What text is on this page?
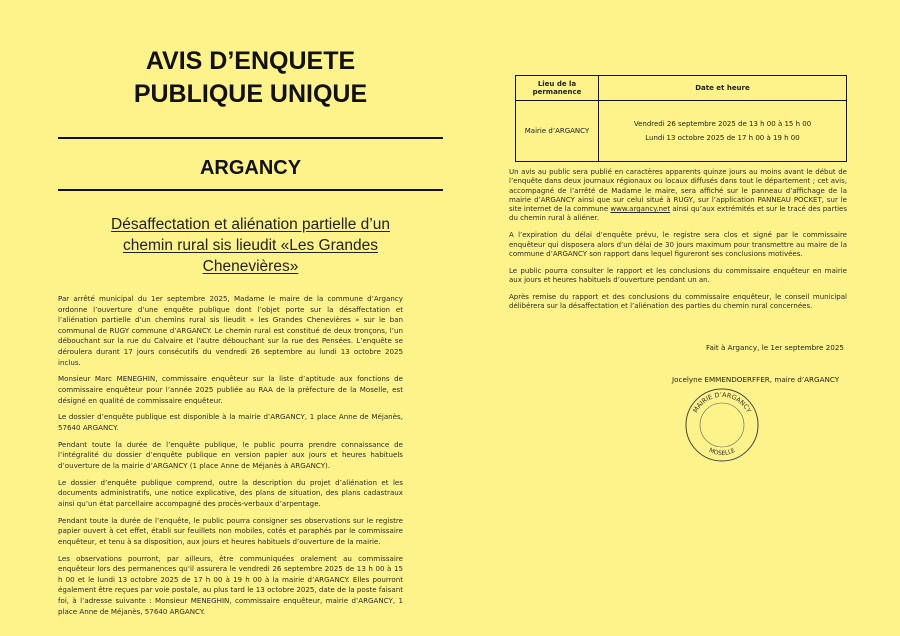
AVIS D’ENQUETE
PUBLIQUE UNIQUE
ARGANCY
Désaffectation et aliénation partielle d’un
chemin rural sis lieudit «Les Grandes
Chenevières»

Par arrêté municipal du 1er septembre 2025, Madame le maire de la commune d’Argancy ordonne l’ouverture d’une enquête publique dont l’objet porte sur la désaffectation et l’aliénation partielle d’un chemins rural sis lieudit « les Grandes Chenevières » sur le ban communal de RUGY commune d’ARGANCY. Le chemin rural est constitué de deux tronçons, l’un débouchant sur la rue du Calvaire et l’autre débouchant sur la rue des Pensées. L’enquête se déroulera durant 17 jours consécutifs du vendredi 26 septembre au lundi 13 octobre 2025 inclus.

Monsieur Marc MENEGHIN, commissaire enquêteur sur la liste d’aptitude aux fonctions de commissaire enquêteur pour l’année 2025 publiée au RAA de la préfecture de la Moselle, est désigné en qualité de commissaire enquêteur.

Le dossier d’enquête publique est disponible à la mairie d’ARGANCY, 1 place Anne de Méjanès, 57640 ARGANCY.

Pendant toute la durée de l’enquête publique, le public pourra prendre connaissance de l’intégralité du dossier d’enquête publique en version papier aux jours et heures habituels d’ouverture de la mairie d’ARGANCY (1 place Anne de Méjanès à ARGANCY).

Le dossier d’enquête publique comprend, outre la description du projet d’aliénation et les documents administratifs, une notice explicative, des plans de situation, des plans cadastraux ainsi qu’un état parcellaire accompagné des procès-verbaux d’arpentage.

Pendant toute la durée de l’enquête, le public pourra consigner ses observations sur le registre papier ouvert à cet effet, établi sur feuillets non mobiles, cotés et paraphés par le commissaire enquêteur, et tenu à sa disposition, aux jours et heures habituels d’ouverture de la mairie.

Les observations pourront, par ailleurs, être communiquées oralement au commissaire enquêteur lors des permanences qu’il assurera le vendredi 26 septembre 2025 de 13 h 00 à 15 h 00 et le lundi 13 octobre 2025 de 17 h 00 à 19 h 00 à la mairie d’ARGANCY. Elles pourront également être reçues par voie postale, au plus tard le 13 octobre 2025, date de la poste faisant foi, à l’adresse suivante : Monsieur MENEGHIN, commissaire enquêteur, mairie d’ARGANCY, 1 place Anne de Méjanès, 57640 ARGANCY.

Lieu de la permanence	Date et heure
Mairie d’ARGANCY	Vendredi 26 septembre 2025 de 13 h 00 à 15 h 00
Lundi 13 octobre 2025 de 17 h 00 à 19 h 00

Un avis au public sera publié en caractères apparents quinze jours au moins avant le début de l’enquête dans deux journaux régionaux ou locaux diffusés dans tout le département ; cet avis, accompagné de l’arrêté de Madame le maire, sera affiché sur le panneau d’affichage de la mairie d’ARGANCY ainsi que sur celui situé à RUGY, sur l’application PANNEAU POCKET, sur le site internet de la commune www.argancy.net ainsi qu’aux extrémités et sur le tracé des parties du chemin rural à aliéner.

A l’expiration du délai d’enquête prévu, le registre sera clos et signé par le commissaire enquêteur qui disposera alors d’un délai de 30 jours maximum pour transmettre au maire de la commune d’ARGANCY son rapport dans lequel figureront ses conclusions motivées.

Le public pourra consulter le rapport et les conclusions du commissaire enquêteur en mairie aux jours et heures habituels d’ouverture pendant un an.

Après remise du rapport et des conclusions du commissaire enquêteur, le conseil municipal délibérera sur la désaffectation et l’aliénation des parties du chemin rural concernées.

Fait à Argancy, le 1er septembre 2025
Jocelyne EMMENDOERFFER, maire d’ARGANCY
MAIRIE D’ARGANCY
MOSELLE
